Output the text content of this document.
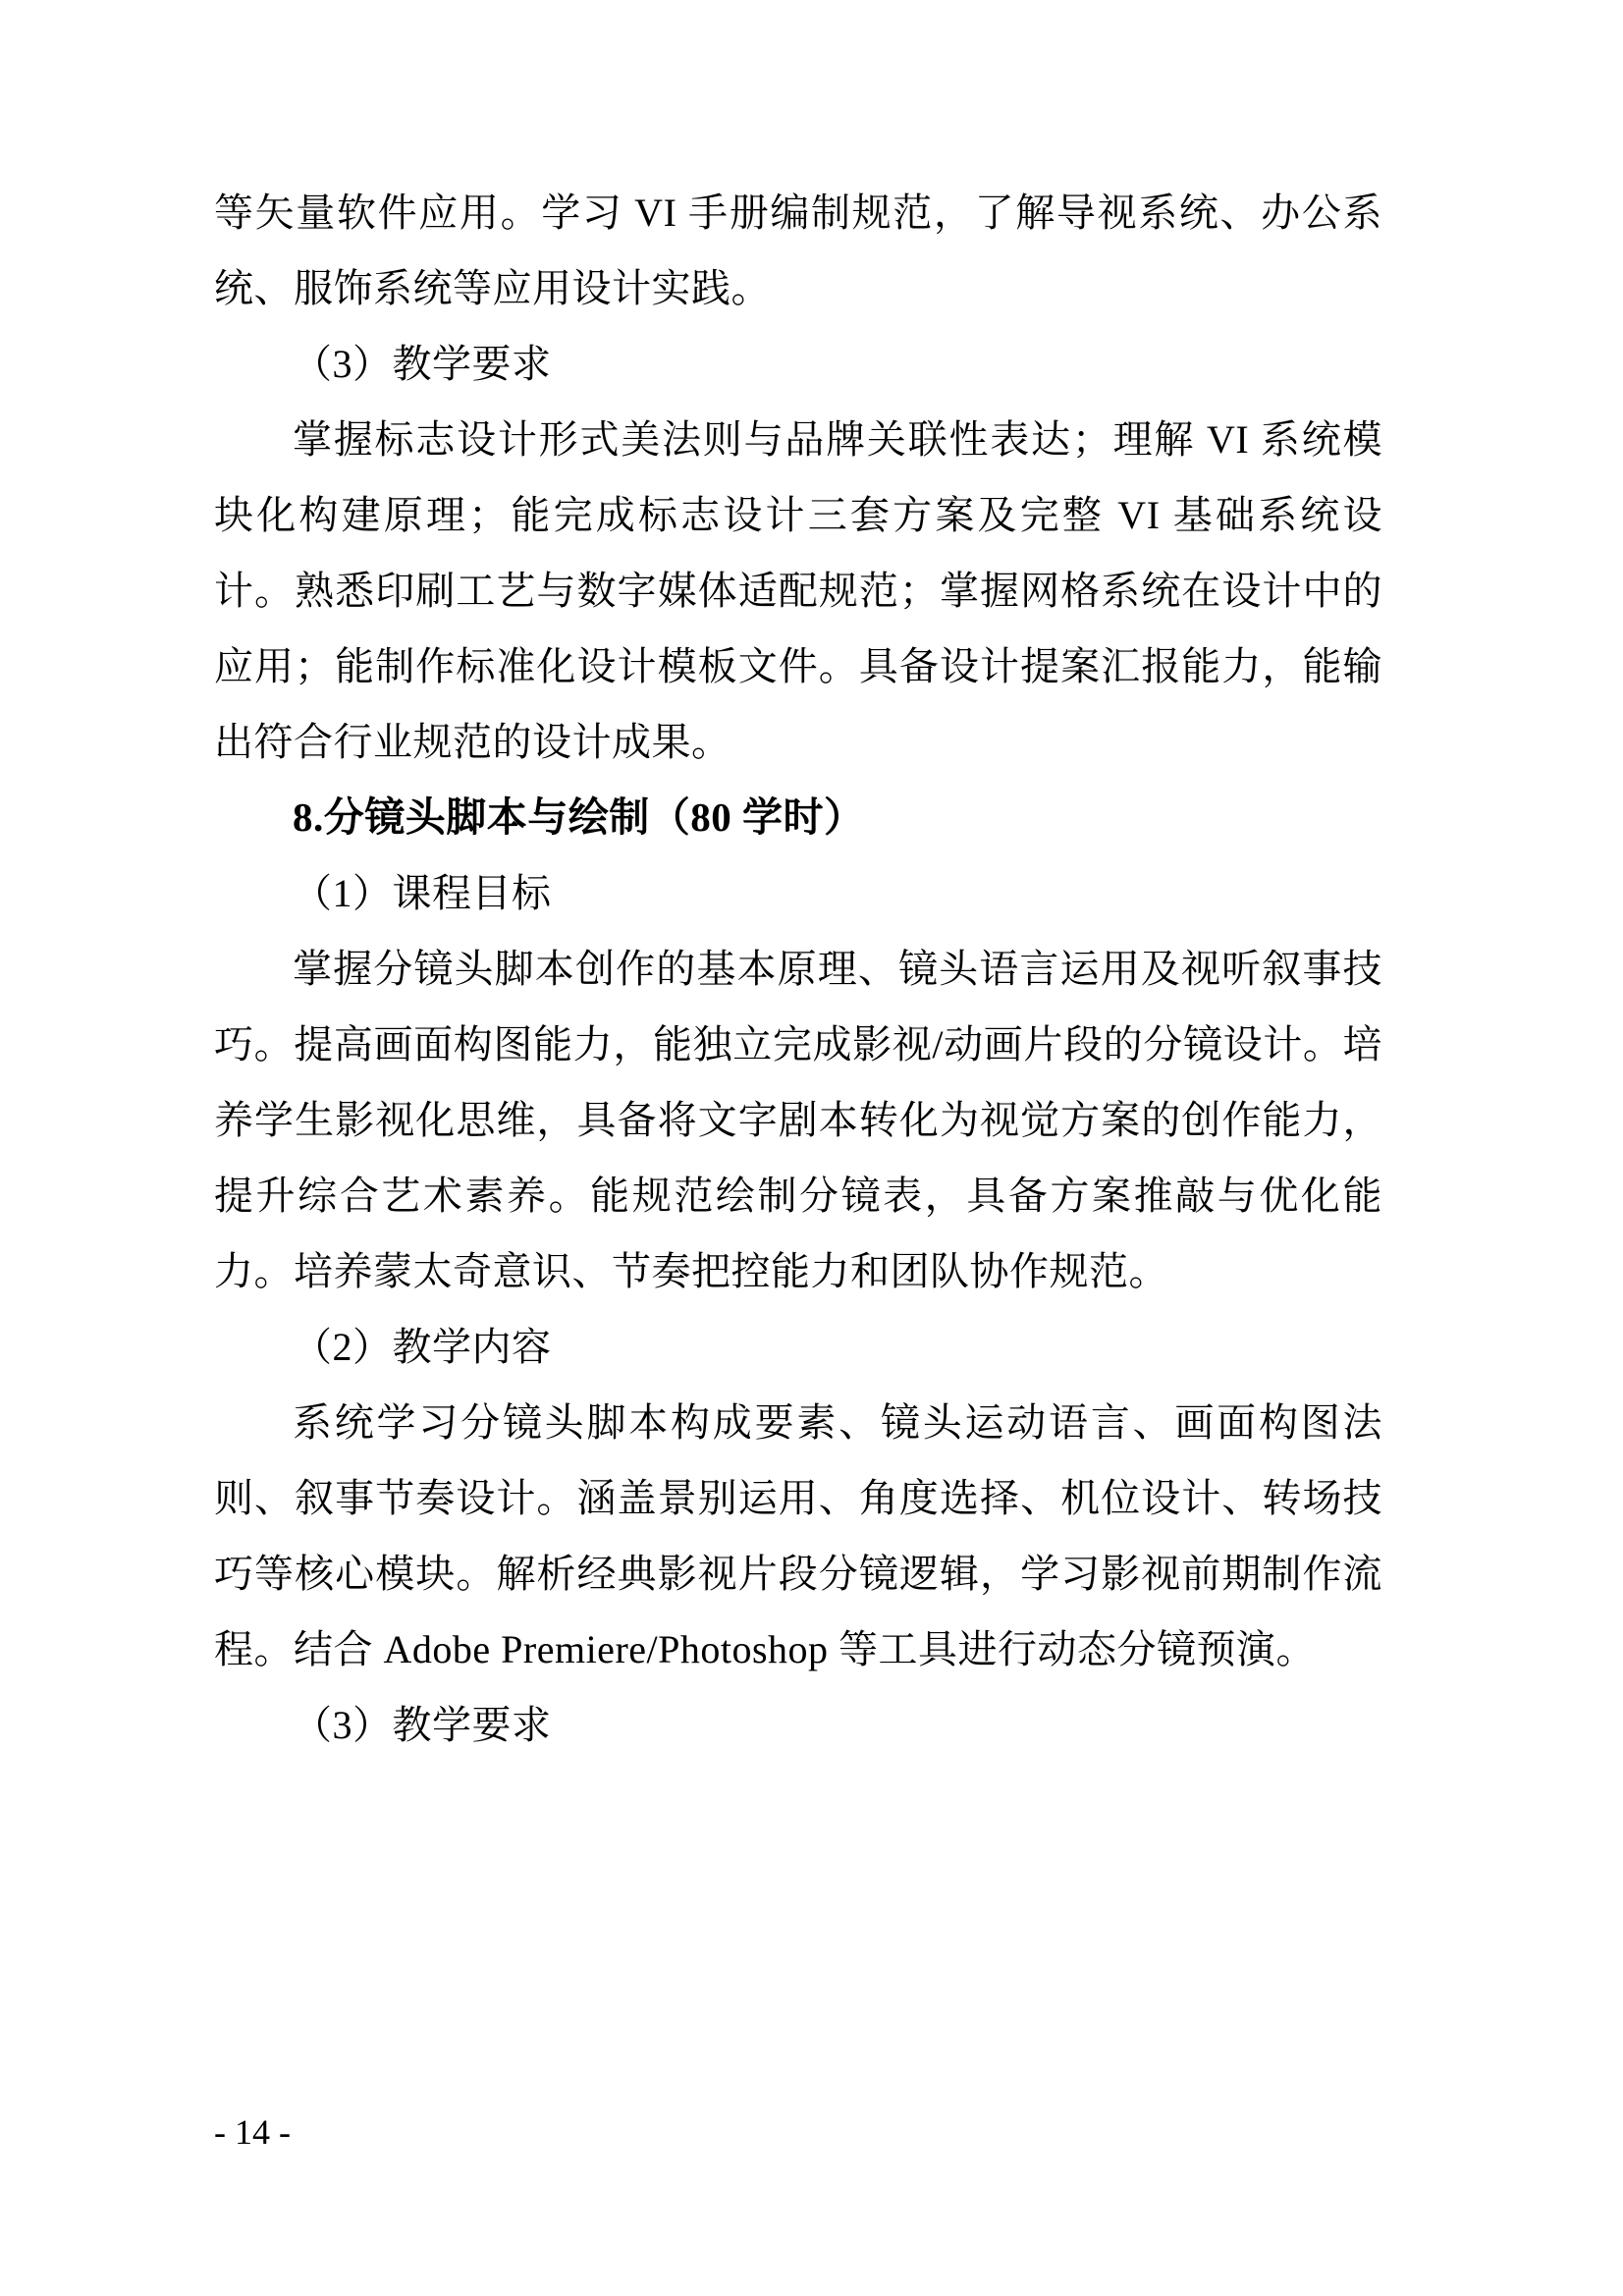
等矢量软件应用。学习 VI 手册编制规范，了解导视系统、办公系统、服饰系统等应用设计实践。

（3）教学要求

掌握标志设计形式美法则与品牌关联性表达；理解 VI 系统模块化构建原理；能完成标志设计三套方案及完整 VI 基础系统设计。熟悉印刷工艺与数字媒体适配规范；掌握网格系统在设计中的应用；能制作标准化设计模板文件。具备设计提案汇报能力，能输出符合行业规范的设计成果。

8.分镜头脚本与绘制（80 学时）

（1）课程目标

掌握分镜头脚本创作的基本原理、镜头语言运用及视听叙事技巧。提高画面构图能力，能独立完成影视/动画片段的分镜设计。培养学生影视化思维，具备将文字剧本转化为视觉方案的创作能力，提升综合艺术素养。能规范绘制分镜表，具备方案推敲与优化能力。培养蒙太奇意识、节奏把控能力和团队协作规范。

（2）教学内容

系统学习分镜头脚本构成要素、镜头运动语言、画面构图法则、叙事节奏设计。涵盖景别运用、角度选择、机位设计、转场技巧等核心模块。解析经典影视片段分镜逻辑，学习影视前期制作流程。结合 Adobe Premiere/Photoshop 等工具进行动态分镜预演。

（3）教学要求

- 14 -
